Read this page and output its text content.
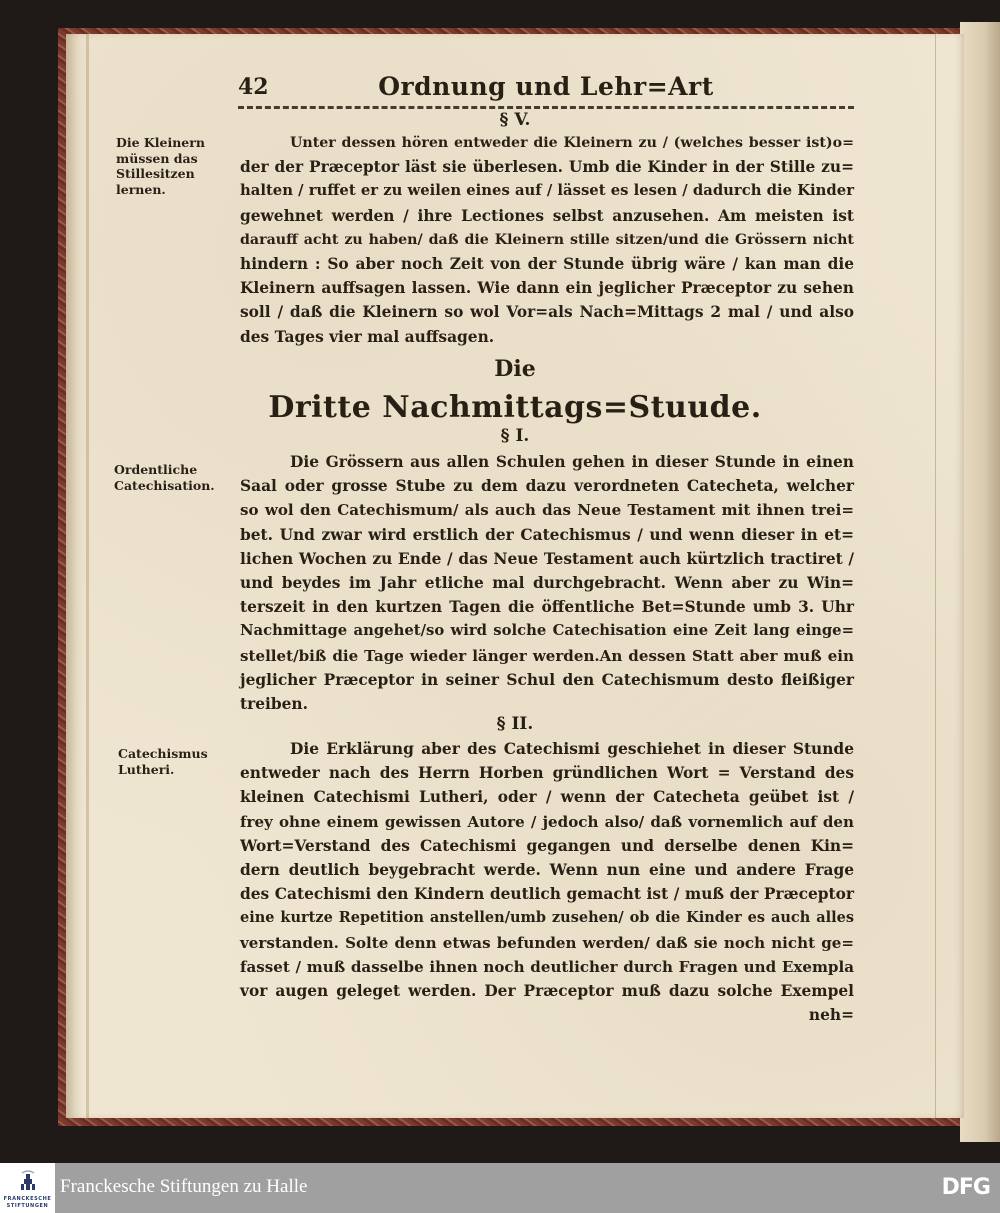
42	Ordnung und Lehr=Art
§ V.
Die Kleinern
müssen das
Stillesitzen
lernen.
Unter dessen hören entweder die Kleinern zu / (welches besser ist)o=
der der Præceptor läst sie überlesen. Umb die Kinder in der Stille zu=
halten / ruffet er zu weilen eines auf / lässet es lesen / dadurch die Kinder
gewehnet werden / ihre Lectiones selbst anzusehen. Am meisten ist
darauff acht zu haben/ daß die Kleinern stille sitzen/und die Grössern nicht
hindern : So aber noch Zeit von der Stunde übrig wäre / kan man die
Kleinern auffsagen lassen. Wie dann ein jeglicher Præceptor zu sehen
soll / daß die Kleinern so wol Vor=als Nach=Mittags 2 mal / und also
des Tages vier mal auffsagen.
Die
Dritte Nachmittags=Stuude.
§ I.
Ordentliche
Catechisation.
Die Grössern aus allen Schulen gehen in dieser Stunde in einen
Saal oder grosse Stube zu dem dazu verordneten Catecheta, welcher
so wol den Catechismum/ als auch das Neue Testament mit ihnen trei=
bet. Und zwar wird erstlich der Catechismus / und wenn dieser in et=
lichen Wochen zu Ende / das Neue Testament auch kürtzlich tractiret /
und beydes im Jahr etliche mal durchgebracht. Wenn aber zu Win=
terszeit in den kurtzen Tagen die öffentliche Bet=Stunde umb 3. Uhr
Nachmittage angehet/so wird solche Catechisation eine Zeit lang einge=
stellet/biß die Tage wieder länger werden.An dessen Statt aber muß ein
jeglicher Præceptor in seiner Schul den Catechismum desto fleißiger
treiben.
§ II.
Catechismus
Lutheri.
Die Erklärung aber des Catechismi geschiehet in dieser Stunde
entweder nach des Herrn Horben gründlichen Wort = Verstand des
kleinen Catechismi Lutheri, oder / wenn der Catecheta geübet ist /
frey ohne einem gewissen Autore / jedoch also/ daß vornemlich auf den
Wort=Verstand des Catechismi gegangen und derselbe denen Kin=
dern deutlich beygebracht werde. Wenn nun eine und andere Frage
des Catechismi den Kindern deutlich gemacht ist / muß der Præceptor
eine kurtze Repetition anstellen/umb zusehen/ ob die Kinder es auch alles
verstanden. Solte denn etwas befunden werden/ daß sie noch nicht ge=
fasset / muß dasselbe ihnen noch deutlicher durch Fragen und Exempla
vor augen geleget werden. Der Præceptor muß dazu solche Exempel
neh=
FRANCKESCHE
STIFTUNGEN
Franckesche Stiftungen zu Halle	DFG
